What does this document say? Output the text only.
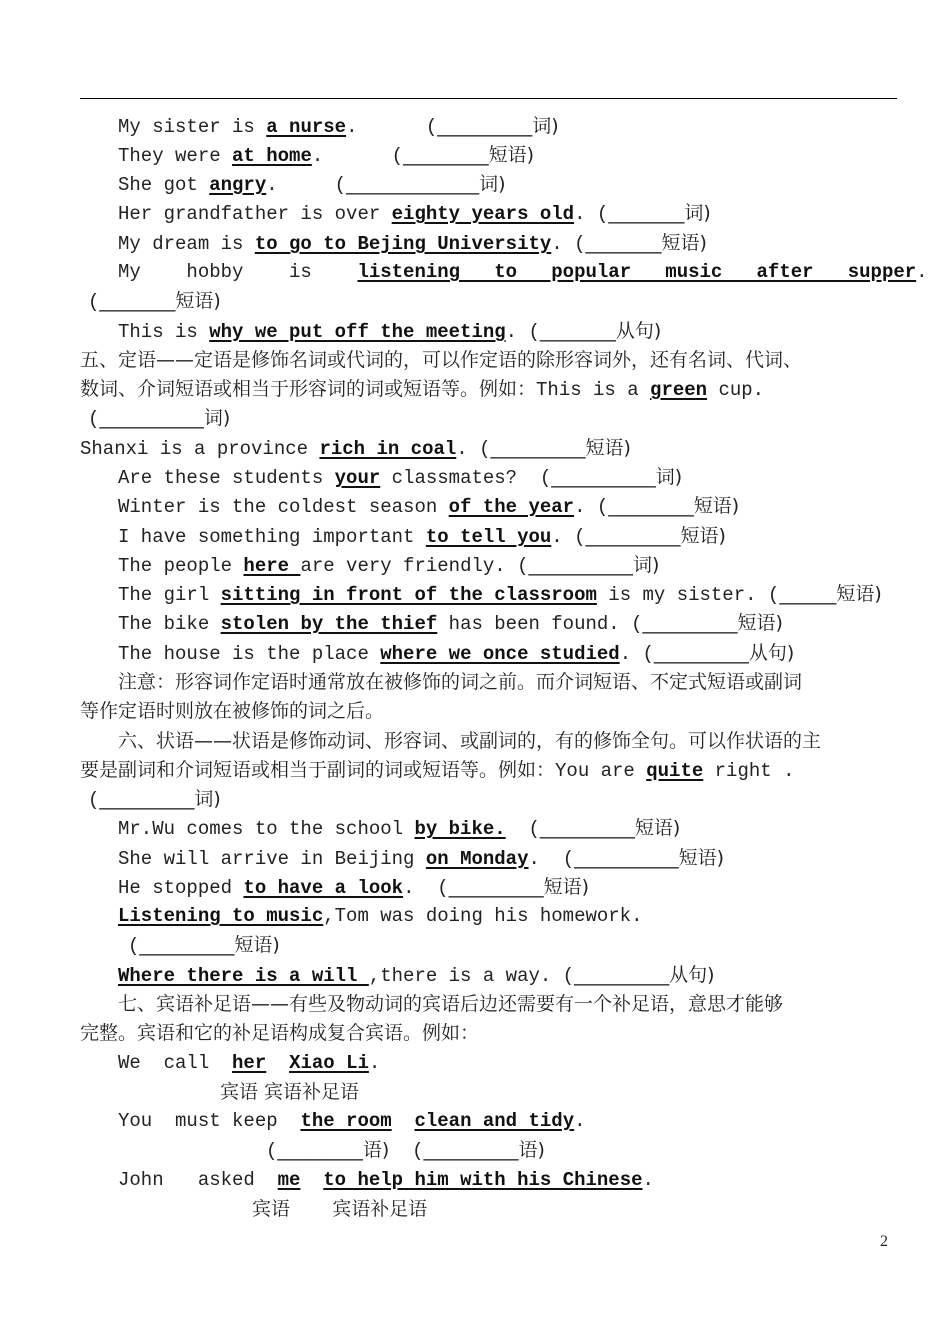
My sister is a nurse.      (__________词)
They were at home.      (_________短语)
She got angry.     (______________词)
Her grandfather is over eighty years old. (________词)
My dream is to go to Bejing University. (________短语)
My    hobby    is    listening   to   popular   music   after   supper.
(________短语)
This is why we put off the meeting. (________从句)
五、定语——定语是修饰名词或代词的，可以作定语的除形容词外，还有名词、代词、
数词、介词短语或相当于形容词的词或短语等。例如：This is a green cup.
(___________词)
Shanxi is a province rich in coal. (__________短语)
Are these students your classmates?  (___________词)
Winter is the coldest season of the year. (_________短语)
I have something important to tell you. (__________短语)
The people here are very friendly. (___________词)
The girl sitting in front of the classroom is my sister. (______短语)
The bike stolen by the thief has been found. (__________短语)
The house is the place where we once studied. (__________从句)
注意：形容词作定语时通常放在被修饰的词之前。而介词短语、不定式短语或副词
等作定语时则放在被修饰的词之后。
六、状语——状语是修饰动词、形容词、或副词的，有的修饰全句。可以作状语的主
要是副词和介词短语或相当于副词的词或短语等。例如：You are quite right .
(__________词)
Mr.Wu comes to the school by bike.  (__________短语)
She will arrive in Beijing on Monday.  (___________短语)
He stopped to have a look.  (__________短语)
Listening to music,Tom was doing his homework.
(__________短语)
Where there is a will ,there is a way. (__________从句)
七、宾语补足语——有些及物动词的宾语后边还需要有一个补足语，意思才能够
完整。宾语和它的补足语构成复合宾语。例如：
We  call  her Xiao Li.
宾语 宾语补足语
You  must keep  the room clean and tidy.
(_________语)  (__________语)
John   asked  me to help him with his Chinese.
宾语       宾语补足语
2
